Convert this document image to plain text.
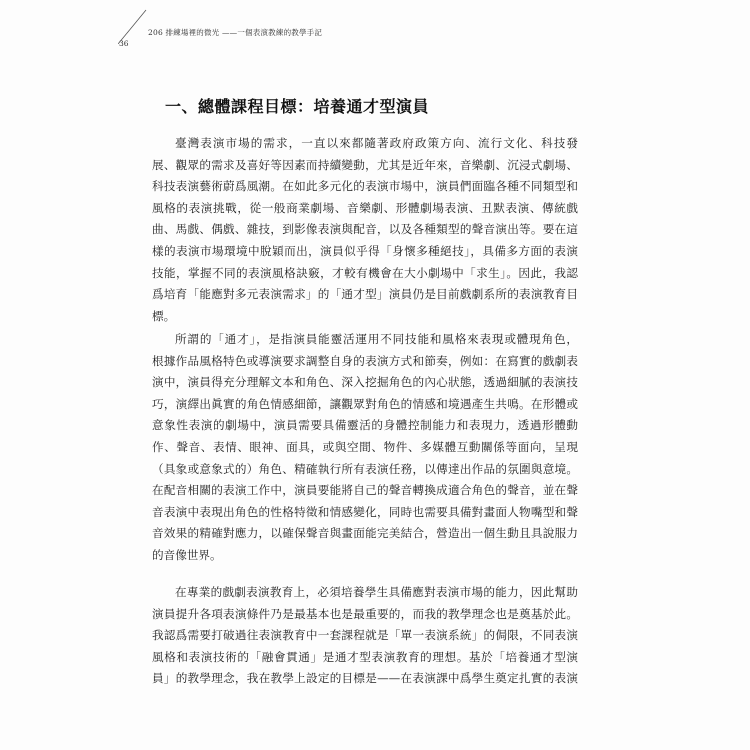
206 排練場裡的微光 ——一個表演教練的教學手記
36
一、總體課程目標：培養通才型演員
臺灣表演市場的需求，一直以來都隨著政府政策方向、流行文化、科技發
展、觀眾的需求及喜好等因素而持續變動，尤其是近年來，音樂劇、沉浸式劇場、
科技表演藝術蔚爲風潮。在如此多元化的表演市場中，演員們面臨各種不同類型和
風格的表演挑戰，從一般商業劇場、音樂劇、形體劇場表演、丑默表演、傳統戲
曲、馬戲、偶戲、雜技，到影像表演與配音，以及各種類型的聲音演出等。要在這
樣的表演市場環境中脫穎而出，演員似乎得「身懷多種絕技」，具備多方面的表演
技能，掌握不同的表演風格訣竅，才較有機會在大小劇場中「求生」。因此，我認
爲培育「能應對多元表演需求」的「通才型」演員仍是目前戲劇系所的表演教育目
標。
所謂的「通才」，是指演員能靈活運用不同技能和風格來表現或體現角色，
根據作品風格特色或導演要求調整自身的表演方式和節奏，例如：在寫實的戲劇表
演中，演員得充分理解文本和角色、深入挖掘角色的內心狀態，透過細膩的表演技
巧，演繹出眞實的角色情感細節，讓觀眾對角色的情感和境遇產生共鳴。在形體或
意象性表演的劇場中，演員需要具備靈活的身體控制能力和表現力，透過形體動
作、聲音、表情、眼神、面具，或與空間、物件、多媒體互動關係等面向，呈現
（具象或意象式的）角色、精確執行所有表演任務，以傳達出作品的氛圍與意境。
在配音相關的表演工作中，演員要能將自己的聲音轉換成適合角色的聲音，並在聲
音表演中表現出角色的性格特徵和情感變化，同時也需要具備對畫面人物嘴型和聲
音效果的精確對應力，以確保聲音與畫面能完美結合，營造出一個生動且具說服力
的音像世界。
在專業的戲劇表演教育上，必須培養學生具備應對表演市場的能力，因此幫助
演員提升各項表演條件乃是最基本也是最重要的，而我的教學理念也是奠基於此。
我認爲需要打破過往表演教育中一套課程就是「單一表演系統」的侷限，不同表演
風格和表演技術的「融會貫通」是通才型表演教育的理想。基於「培養通才型演
員」的教學理念，我在教學上設定的目標是——在表演課中爲學生奠定扎實的表演
